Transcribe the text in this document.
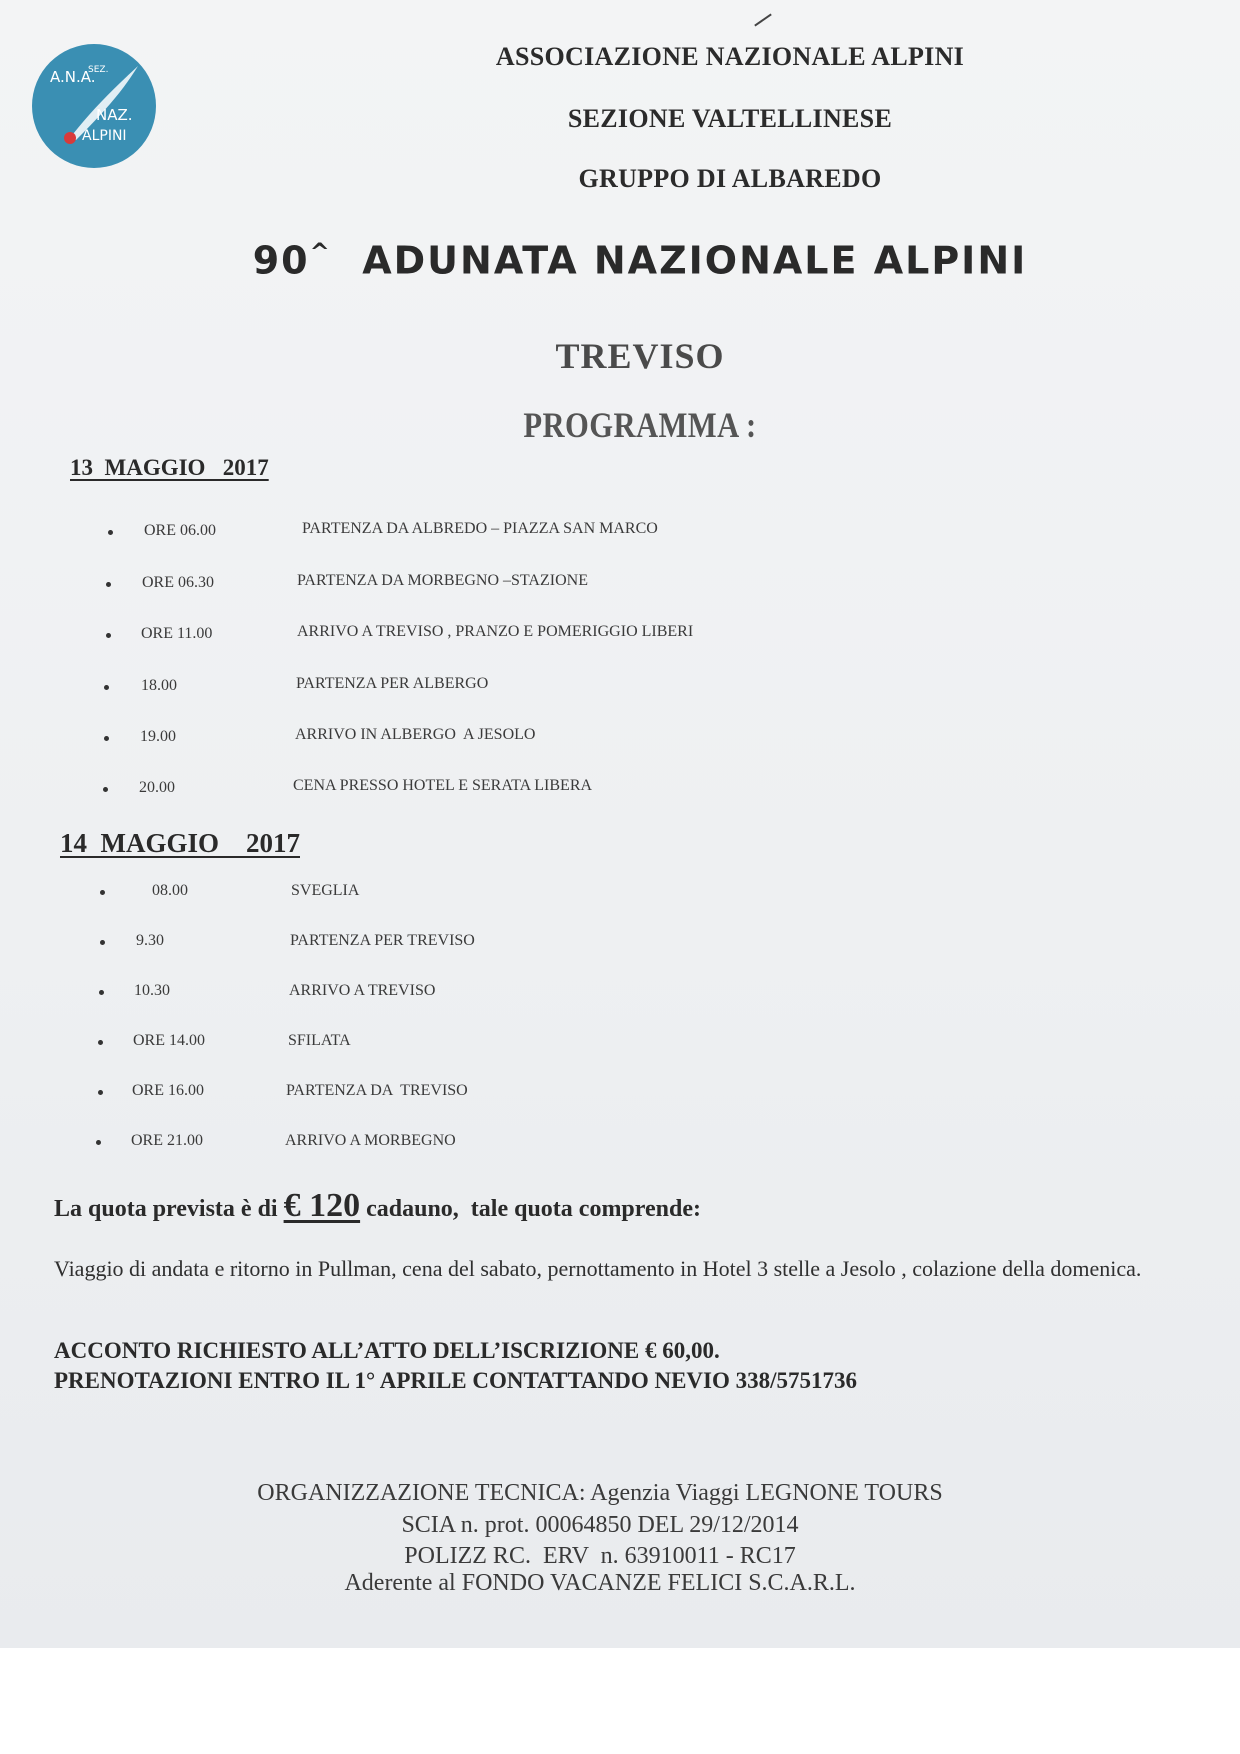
A.N.A.
SEZ.
NAZ.
ALPINI
ASSOCIAZIONE NAZIONALE ALPINI
SEZIONE VALTELLINESE
GRUPPO DI ALBAREDO
90^ ADUNATA NAZIONALE ALPINI
TREVISO
PROGRAMMA :
13  MAGGIO   2017
ORE 06.00	PARTENZA DA ALBREDO – PIAZZA SAN MARCO
ORE 06.30	PARTENZA DA MORBEGNO –STAZIONE
ORE 11.00	ARRIVO A TREVISO , PRANZO E POMERIGGIO LIBERI
18.00	PARTENZA PER ALBERGO
19.00	ARRIVO IN ALBERGO  A JESOLO
20.00	CENA PRESSO HOTEL E SERATA LIBERA
14  MAGGIO    2017
08.00	SVEGLIA
9.30	PARTENZA PER TREVISO
10.30	ARRIVO A TREVISO
ORE 14.00	SFILATA
ORE 16.00	PARTENZA DA  TREVISO
ORE 21.00	ARRIVO A MORBEGNO
La quota prevista è di € 120 cadauno,  tale quota comprende:
Viaggio di andata e ritorno in Pullman, cena del sabato, pernottamento in Hotel 3 stelle a Jesolo , colazione della domenica.
ACCONTO RICHIESTO ALL’ATTO DELL’ISCRIZIONE € 60,00.
PRENOTAZIONI ENTRO IL 1° APRILE CONTATTANDO NEVIO 338/5751736
ORGANIZZAZIONE TECNICA: Agenzia Viaggi LEGNONE TOURS
SCIA n. prot. 00064850 DEL 29/12/2014
POLIZZ RC.  ERV  n. 63910011 - RC17
Aderente al FONDO VACANZE FELICI S.C.A.R.L.
